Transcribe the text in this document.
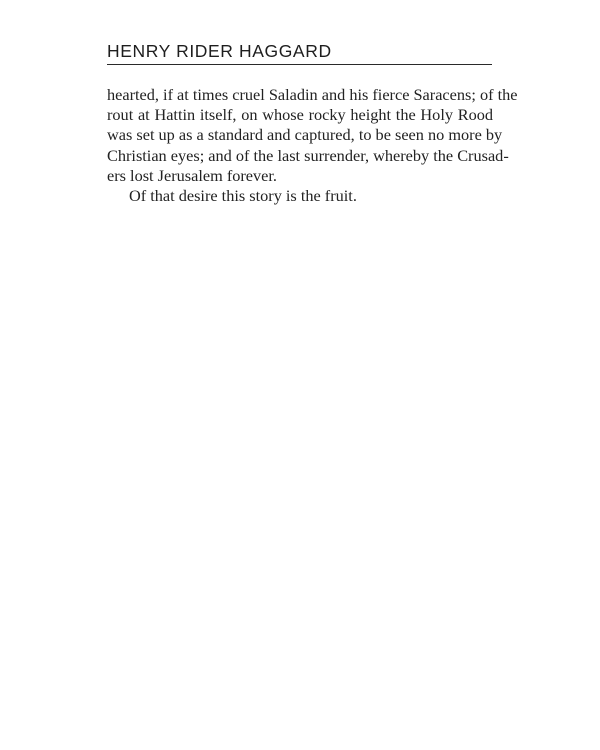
HENRY RIDER HAGGARD
hearted, if at times cruel Saladin and his fierce Saracens; of the
rout at Hattin itself, on whose rocky height the Holy Rood
was set up as a standard and captured, to be seen no more by
Christian eyes; and of the last surrender, whereby the Crusad-
ers lost Jerusalem forever.
Of that desire this story is the fruit.
